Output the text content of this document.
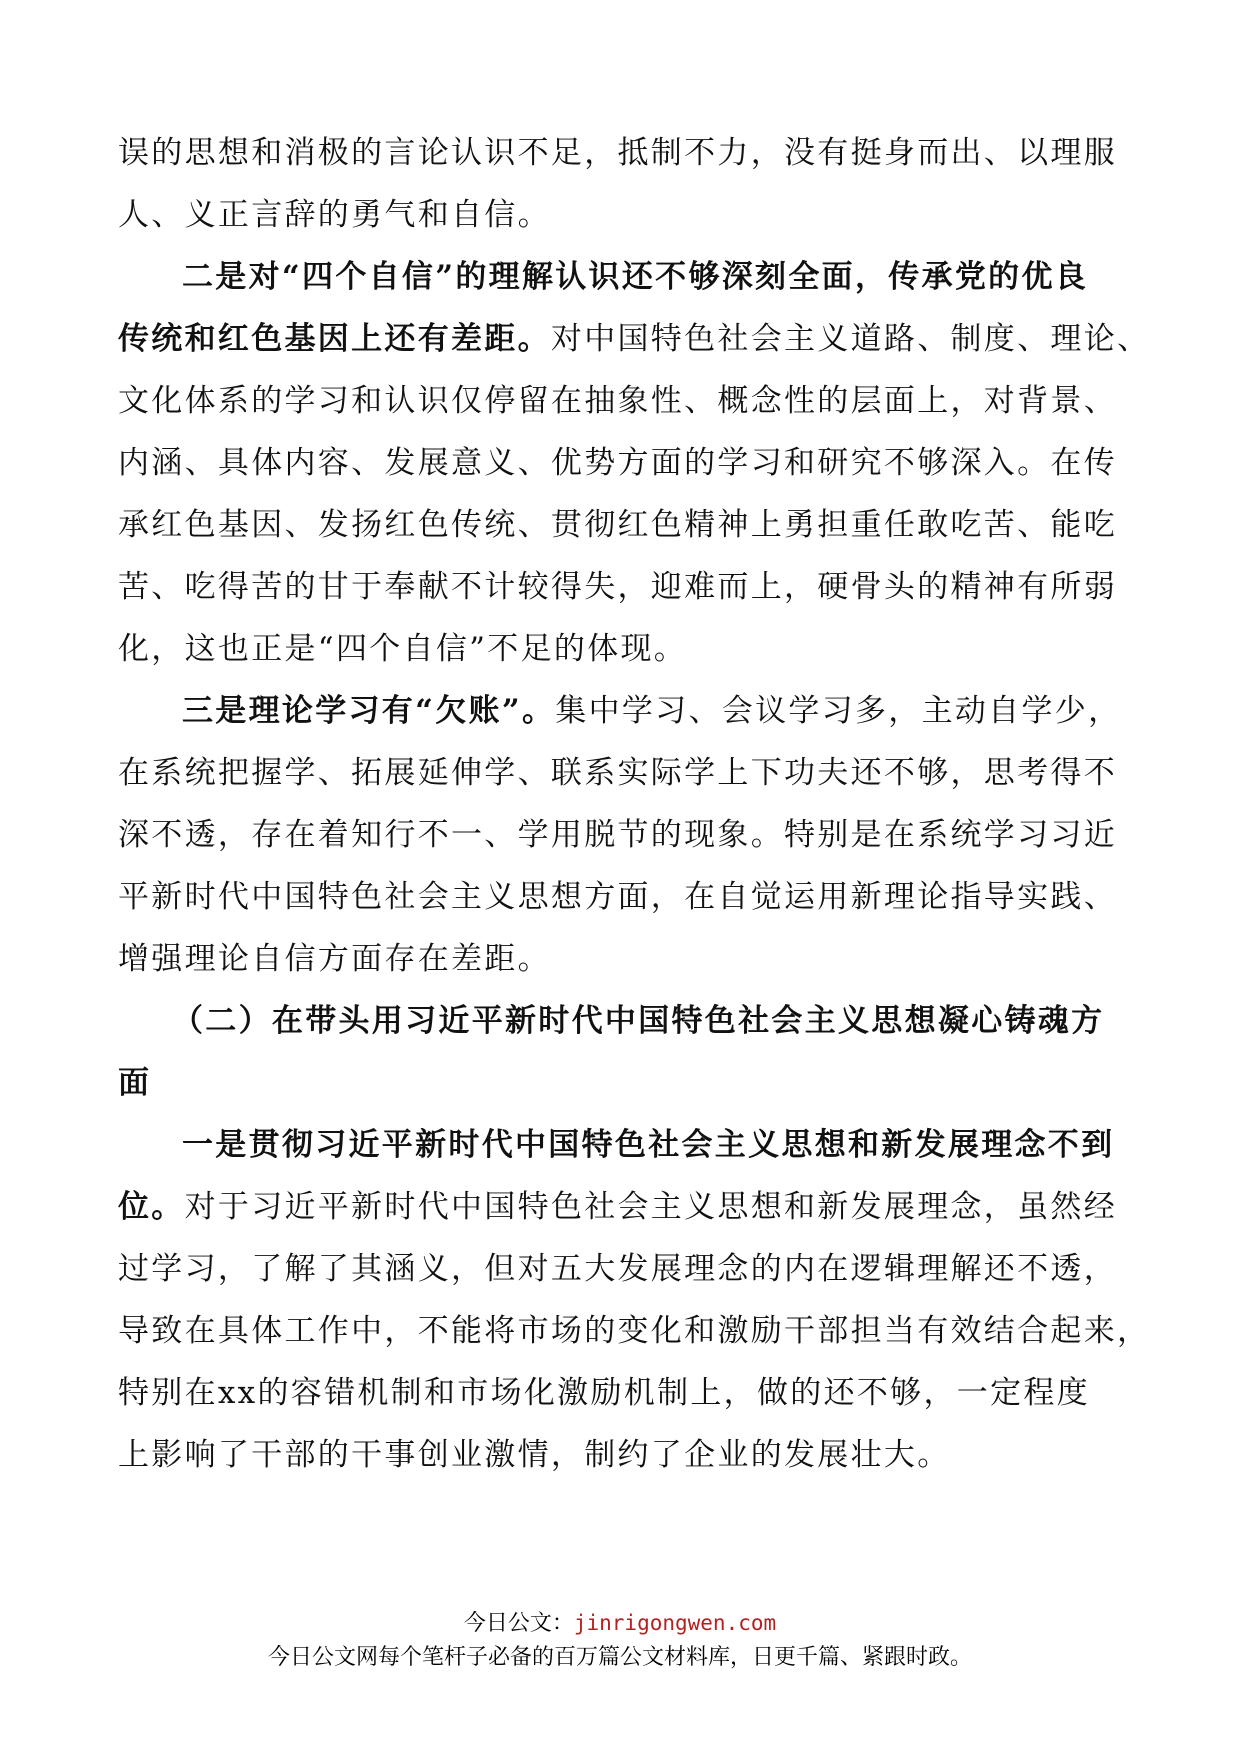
误的思想和消极的言论认识不足，抵制不力，没有挺身而出、以理服
人、义正言辞的勇气和自信。
二是对“四个自信”的理解认识还不够深刻全面，传承党的优良
传统和红色基因上还有差距。对中国特色社会主义道路、制度、理论、
文化体系的学习和认识仅停留在抽象性、概念性的层面上，对背景、
内涵、具体内容、发展意义、优势方面的学习和研究不够深入。在传
承红色基因、发扬红色传统、贯彻红色精神上勇担重任敢吃苦、能吃
苦、吃得苦的甘于奉献不计较得失，迎难而上，硬骨头的精神有所弱
化，这也正是“四个自信”不足的体现。
三是理论学习有“欠账”。集中学习、会议学习多，主动自学少，
在系统把握学、拓展延伸学、联系实际学上下功夫还不够，思考得不
深不透，存在着知行不一、学用脱节的现象。特别是在系统学习习近
平新时代中国特色社会主义思想方面，在自觉运用新理论指导实践、
增强理论自信方面存在差距。
（二）在带头用习近平新时代中国特色社会主义思想凝心铸魂方
面
一是贯彻习近平新时代中国特色社会主义思想和新发展理念不到
位。对于习近平新时代中国特色社会主义思想和新发展理念，虽然经
过学习，了解了其涵义，但对五大发展理念的内在逻辑理解还不透，
导致在具体工作中，不能将市场的变化和激励干部担当有效结合起来，
特别在xx的容错机制和市场化激励机制上，做的还不够，一定程度
上影响了干部的干事创业激情，制约了企业的发展壮大。
今日公文：jinrigongwen.com
今日公文网每个笔杆子必备的百万篇公文材料库，日更千篇、紧跟时政。
